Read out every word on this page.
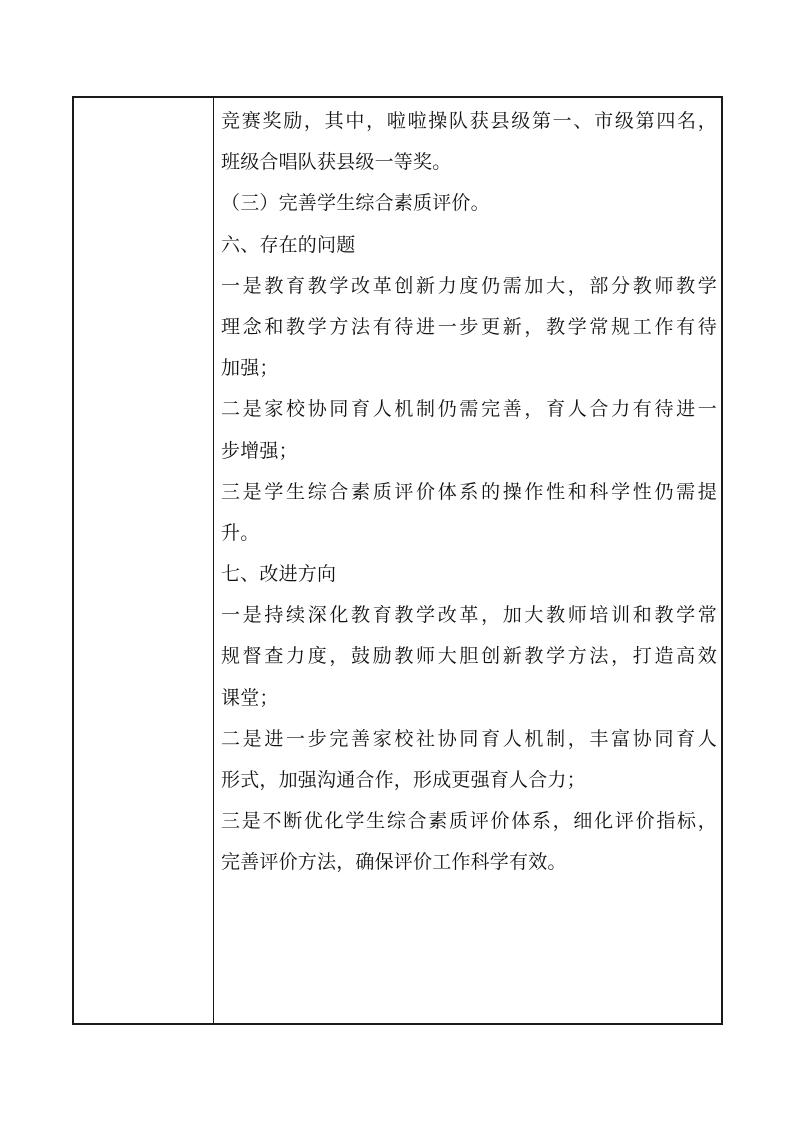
竞赛奖励，其中，啦啦操队获县级第一、市级第四名，
班级合唱队获县级一等奖。
（三）完善学生综合素质评价。
六、存在的问题
一是教育教学改革创新力度仍需加大，部分教师教学
理念和教学方法有待进一步更新，教学常规工作有待
加强；
二是家校协同育人机制仍需完善，育人合力有待进一
步增强；
三是学生综合素质评价体系的操作性和科学性仍需提
升。
七、改进方向
一是持续深化教育教学改革，加大教师培训和教学常
规督查力度，鼓励教师大胆创新教学方法，打造高效
课堂；
二是进一步完善家校社协同育人机制，丰富协同育人
形式，加强沟通合作，形成更强育人合力；
三是不断优化学生综合素质评价体系，细化评价指标，
完善评价方法，确保评价工作科学有效。
